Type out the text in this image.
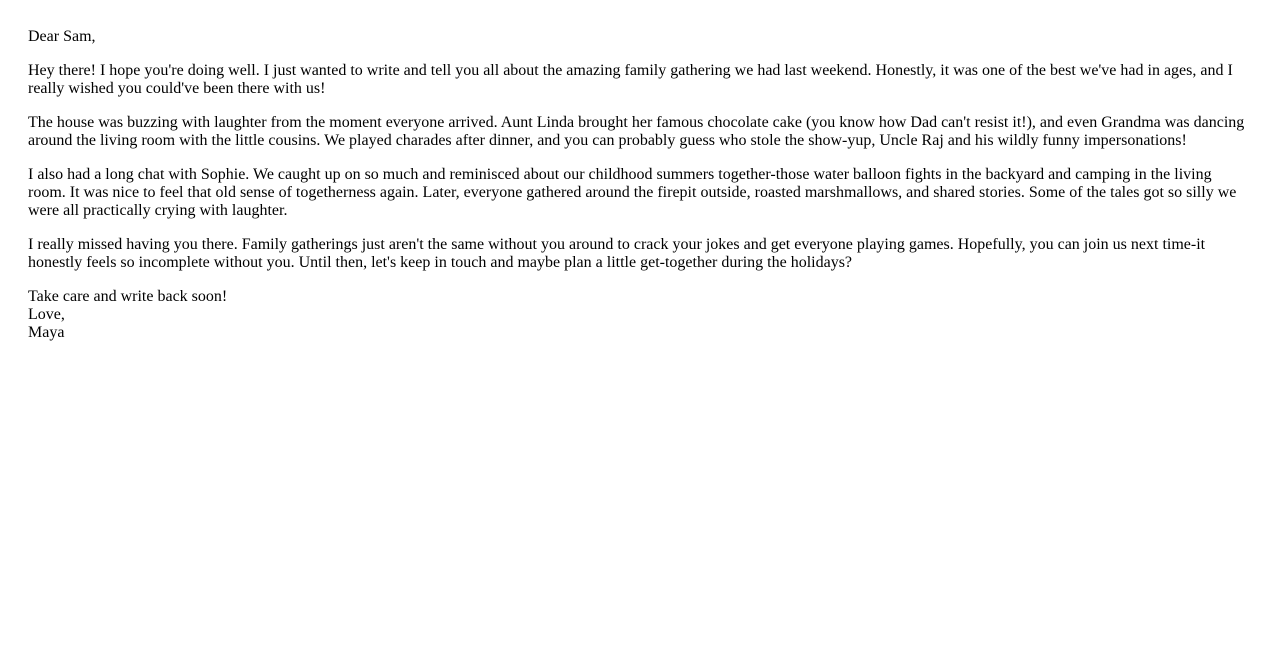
Dear Sam,

Hey there! I hope you're doing well. I just wanted to write and tell you all about the amazing family gathering we had last weekend. Honestly, it was one of the best we've had in ages, and I really wished you could've been there with us!

The house was buzzing with laughter from the moment everyone arrived. Aunt Linda brought her famous chocolate cake (you know how Dad can't resist it!), and even Grandma was dancing around the living room with the little cousins. We played charades after dinner, and you can probably guess who stole the show-yup, Uncle Raj and his wildly funny impersonations!

I also had a long chat with Sophie. We caught up on so much and reminisced about our childhood summers together-those water balloon fights in the backyard and camping in the living room. It was nice to feel that old sense of togetherness again. Later, everyone gathered around the firepit outside, roasted marshmallows, and shared stories. Some of the tales got so silly we were all practically crying with laughter.

I really missed having you there. Family gatherings just aren't the same without you around to crack your jokes and get everyone playing games. Hopefully, you can join us next time-it honestly feels so incomplete without you. Until then, let's keep in touch and maybe plan a little get-together during the holidays?

Take care and write back soon!
Love,
Maya
